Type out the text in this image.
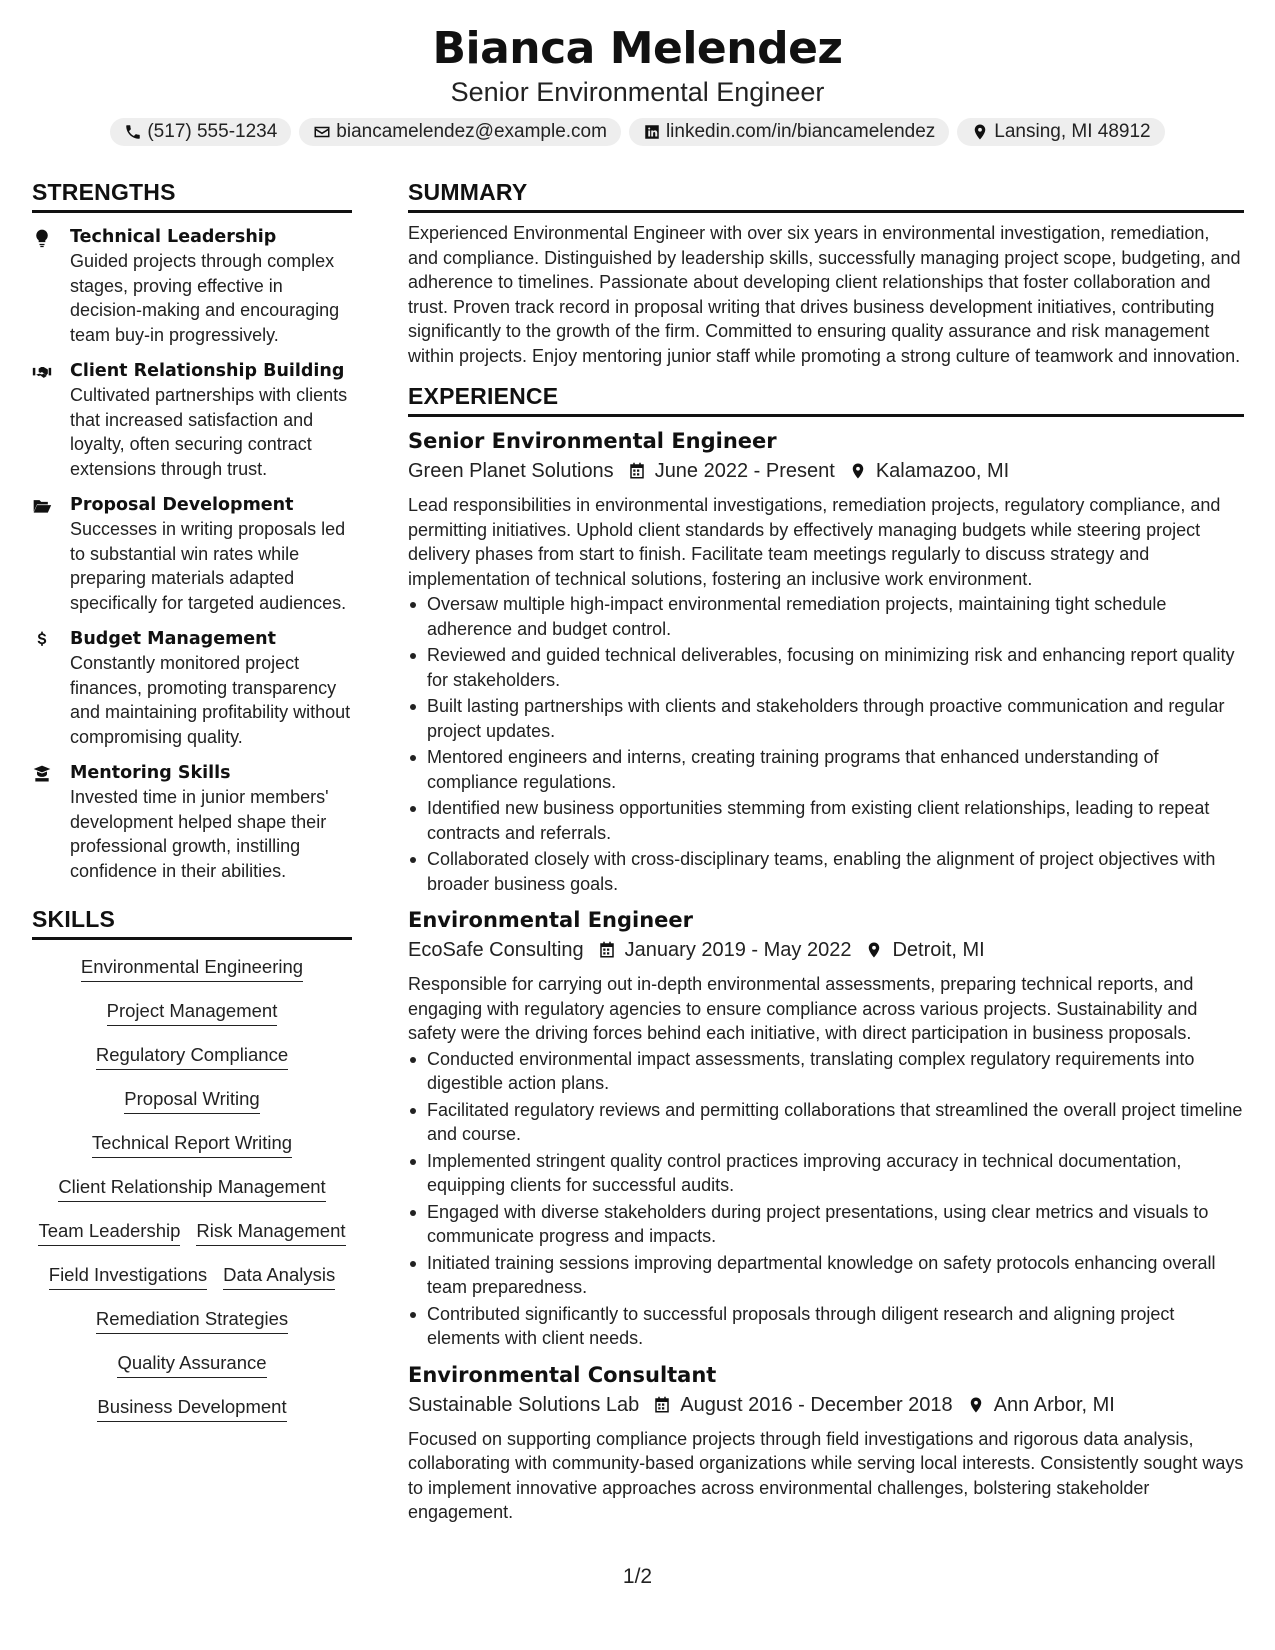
Bianca Melendez
Senior Environmental Engineer
(517) 555-1234	biancamelendez@example.com	linkedin.com/in/biancamelendez	Lansing, MI 48912
STRENGTHS
Technical Leadership
Guided projects through complex stages, proving effective in decision-making and encouraging team buy-in progressively.
Client Relationship Building
Cultivated partnerships with clients that increased satisfaction and loyalty, often securing contract extensions through trust.
Proposal Development
Successes in writing proposals led to substantial win rates while preparing materials adapted specifically for targeted audiences.
Budget Management
Constantly monitored project finances, promoting transparency and maintaining profitability without compromising quality.
Mentoring Skills
Invested time in junior members' development helped shape their professional growth, instilling confidence in their abilities.
SKILLS
Environmental Engineering
Project Management
Regulatory Compliance
Proposal Writing
Technical Report Writing
Client Relationship Management
Team Leadership Risk Management
Field Investigations Data Analysis
Remediation Strategies
Quality Assurance
Business Development
SUMMARY
Experienced Environmental Engineer with over six years in environmental investigation, remediation, and compliance. Distinguished by leadership skills, successfully managing project scope, budgeting, and adherence to timelines. Passionate about developing client relationships that foster collaboration and trust. Proven track record in proposal writing that drives business development initiatives, contributing significantly to the growth of the firm. Committed to ensuring quality assurance and risk management within projects. Enjoy mentoring junior staff while promoting a strong culture of teamwork and innovation.
EXPERIENCE
Senior Environmental Engineer
Green Planet Solutions June 2022 - Present Kalamazoo, MI
Lead responsibilities in environmental investigations, remediation projects, regulatory compliance, and permitting initiatives. Uphold client standards by effectively managing budgets while steering project delivery phases from start to finish. Facilitate team meetings regularly to discuss strategy and implementation of technical solutions, fostering an inclusive work environment.
Oversaw multiple high-impact environmental remediation projects, maintaining tight schedule adherence and budget control.
Reviewed and guided technical deliverables, focusing on minimizing risk and enhancing report quality for stakeholders.
Built lasting partnerships with clients and stakeholders through proactive communication and regular project updates.
Mentored engineers and interns, creating training programs that enhanced understanding of compliance regulations.
Identified new business opportunities stemming from existing client relationships, leading to repeat contracts and referrals.
Collaborated closely with cross-disciplinary teams, enabling the alignment of project objectives with broader business goals.
Environmental Engineer
EcoSafe Consulting January 2019 - May 2022 Detroit, MI
Responsible for carrying out in-depth environmental assessments, preparing technical reports, and engaging with regulatory agencies to ensure compliance across various projects. Sustainability and safety were the driving forces behind each initiative, with direct participation in business proposals.
Conducted environmental impact assessments, translating complex regulatory requirements into digestible action plans.
Facilitated regulatory reviews and permitting collaborations that streamlined the overall project timeline and course.
Implemented stringent quality control practices improving accuracy in technical documentation, equipping clients for successful audits.
Engaged with diverse stakeholders during project presentations, using clear metrics and visuals to communicate progress and impacts.
Initiated training sessions improving departmental knowledge on safety protocols enhancing overall team preparedness.
Contributed significantly to successful proposals through diligent research and aligning project elements with client needs.
Environmental Consultant
Sustainable Solutions Lab August 2016 - December 2018 Ann Arbor, MI
Focused on supporting compliance projects through field investigations and rigorous data analysis, collaborating with community-based organizations while serving local interests. Consistently sought ways to implement innovative approaches across environmental challenges, bolstering stakeholder engagement.
1/2
